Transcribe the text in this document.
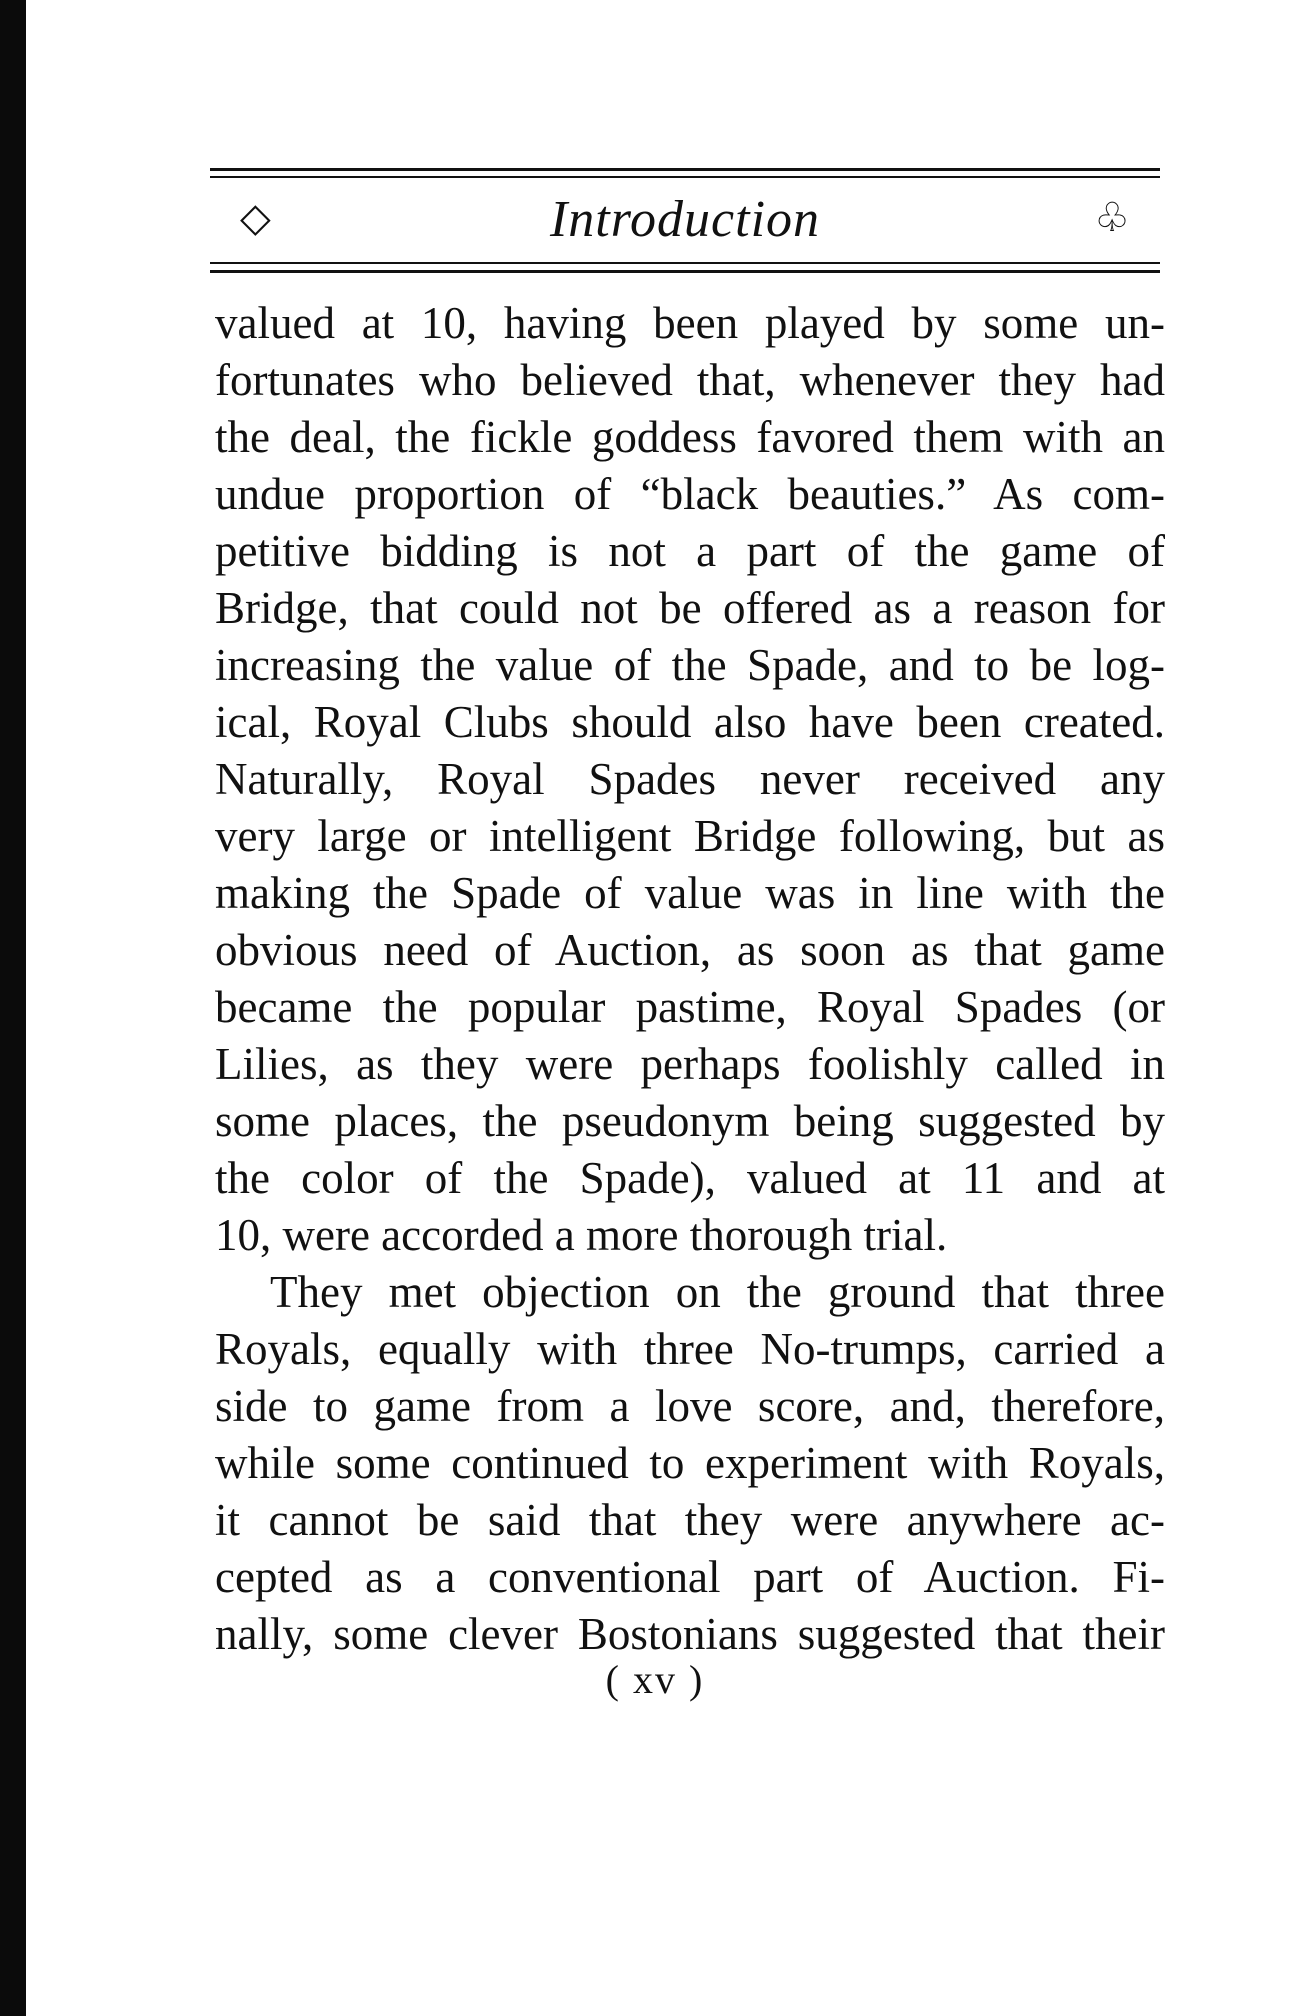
◇	Introduction	♧
valued at 10, having been played by some un-
fortunates who believed that, whenever they had
the deal, the fickle goddess favored them with an
undue proportion of “black beauties.” As com-
petitive bidding is not a part of the game of
Bridge, that could not be offered as a reason for
increasing the value of the Spade, and to be log-
ical, Royal Clubs should also have been created.
Naturally, Royal Spades never received any
very large or intelligent Bridge following, but as
making the Spade of value was in line with the
obvious need of Auction, as soon as that game
became the popular pastime, Royal Spades (or
Lilies, as they were perhaps foolishly called in
some places, the pseudonym being suggested by
the color of the Spade), valued at 11 and at
10, were accorded a more thorough trial.
They met objection on the ground that three
Royals, equally with three No-trumps, carried a
side to game from a love score, and, therefore,
while some continued to experiment with Royals,
it cannot be said that they were anywhere ac-
cepted as a conventional part of Auction. Fi-
nally, some clever Bostonians suggested that their
( xv )
